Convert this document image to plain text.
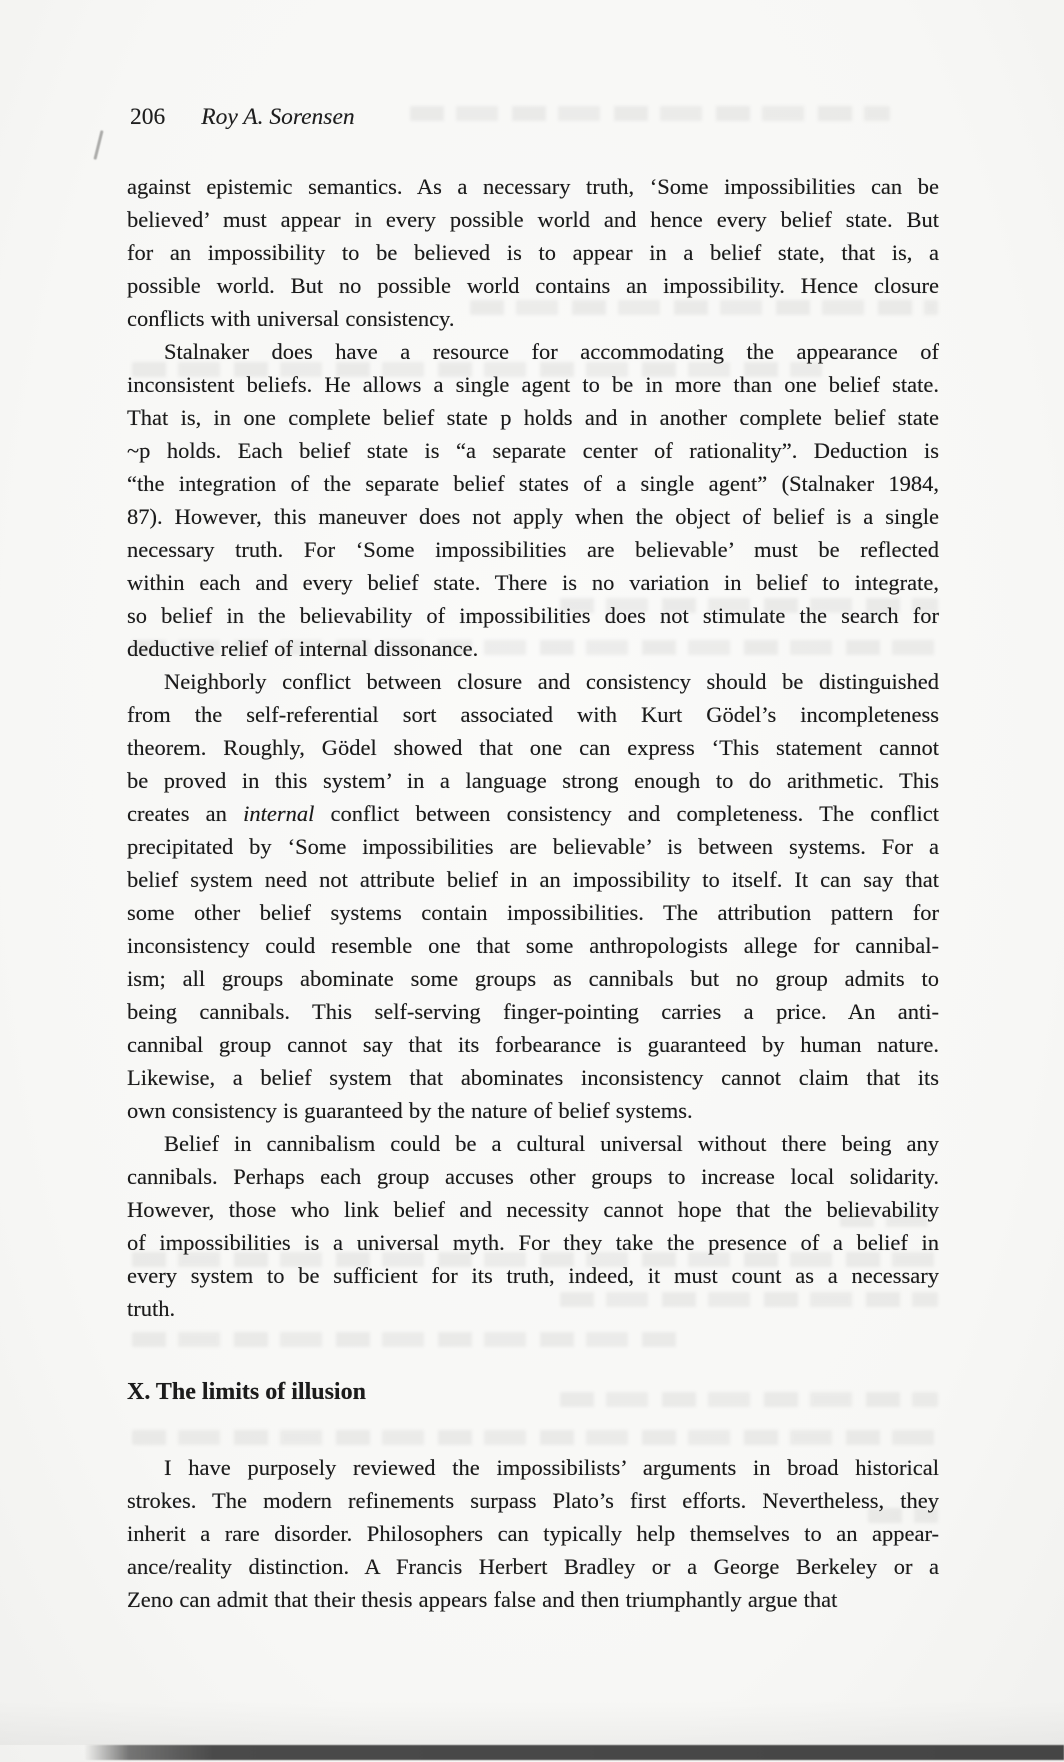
206 Roy A. Sorensen
against epistemic semantics. As a necessary truth, ‘Some impossibilities can be
believed’ must appear in every possible world and hence every belief state. But
for an impossibility to be believed is to appear in a belief state, that is, a
possible world. But no possible world contains an impossibility. Hence closure
conflicts with universal consistency.
Stalnaker does have a resource for accommodating the appearance of
inconsistent beliefs. He allows a single agent to be in more than one belief state.
That is, in one complete belief state p holds and in another complete belief state
~p holds. Each belief state is “a separate center of rationality”. Deduction is
“the integration of the separate belief states of a single agent” (Stalnaker 1984,
87). However, this maneuver does not apply when the object of belief is a single
necessary truth. For ‘Some impossibilities are believable’ must be reflected
within each and every belief state. There is no variation in belief to integrate,
so belief in the believability of impossibilities does not stimulate the search for
deductive relief of internal dissonance.
Neighborly conflict between closure and consistency should be distinguished
from the self-referential sort associated with Kurt Gödel’s incompleteness
theorem. Roughly, Gödel showed that one can express ‘This statement cannot
be proved in this system’ in a language strong enough to do arithmetic. This
creates an internal conflict between consistency and completeness. The conflict
precipitated by ‘Some impossibilities are believable’ is between systems. For a
belief system need not attribute belief in an impossibility to itself. It can say that
some other belief systems contain impossibilities. The attribution pattern for
inconsistency could resemble one that some anthropologists allege for cannibal-
ism; all groups abominate some groups as cannibals but no group admits to
being cannibals. This self-serving finger-pointing carries a price. An anti-
cannibal group cannot say that its forbearance is guaranteed by human nature.
Likewise, a belief system that abominates inconsistency cannot claim that its
own consistency is guaranteed by the nature of belief systems.
Belief in cannibalism could be a cultural universal without there being any
cannibals. Perhaps each group accuses other groups to increase local solidarity.
However, those who link belief and necessity cannot hope that the believability
of impossibilities is a universal myth. For they take the presence of a belief in
every system to be sufficient for its truth, indeed, it must count as a necessary
truth.
X. The limits of illusion
I have purposely reviewed the impossibilists’ arguments in broad historical
strokes. The modern refinements surpass Plato’s first efforts. Nevertheless, they
inherit a rare disorder. Philosophers can typically help themselves to an appear-
ance/reality distinction. A Francis Herbert Bradley or a George Berkeley or a
Zeno can admit that their thesis appears false and then triumphantly argue that
